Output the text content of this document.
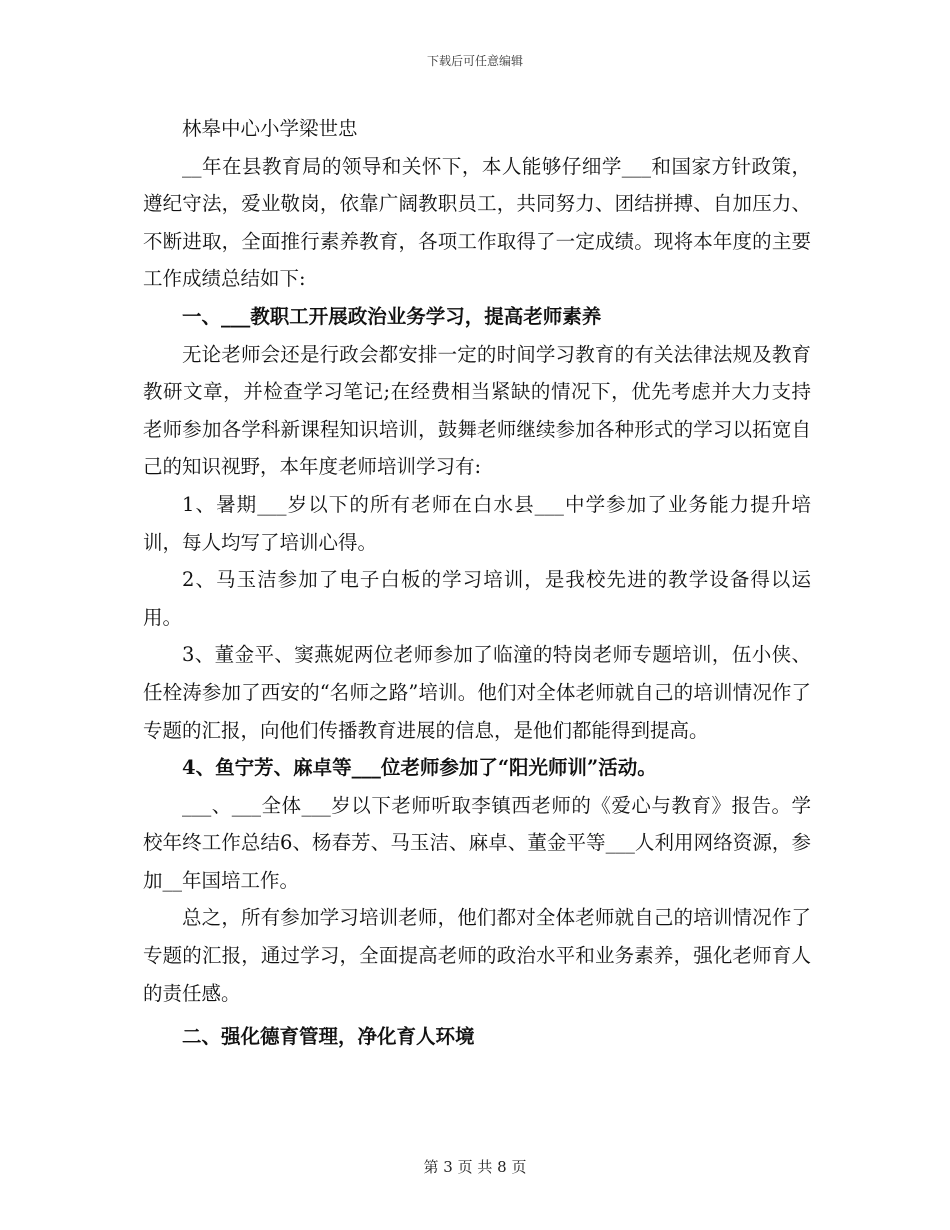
下载后可任意编辑

林皋中心小学梁世忠

__年在县教育局的领导和关怀下，本人能够仔细学___和国家方针政策，遵纪守法，爱业敬岗，依靠广阔教职员工，共同努力、团结拼搏、自加压力、不断进取，全面推行素养教育，各项工作取得了一定成绩。现将本年度的主要工作成绩总结如下:

一、___教职工开展政治业务学习，提高老师素养

无论老师会还是行政会都安排一定的时间学习教育的有关法律法规及教育教研文章，并检查学习笔记;在经费相当紧缺的情况下，优先考虑并大力支持老师参加各学科新课程知识培训，鼓舞老师继续参加各种形式的学习以拓宽自己的知识视野，本年度老师培训学习有:

1、暑期___岁以下的所有老师在白水县___中学参加了业务能力提升培训，每人均写了培训心得。

2、马玉洁参加了电子白板的学习培训，是我校先进的教学设备得以运用。

3、董金平、窦燕妮两位老师参加了临潼的特岗老师专题培训，伍小侠、任栓涛参加了西安的“名师之路”培训。他们对全体老师就自己的培训情况作了专题的汇报，向他们传播教育进展的信息，是他们都能得到提高。

4、鱼宁芳、麻卓等___位老师参加了“阳光师训”活动。

___、___全体___岁以下老师听取李镇西老师的《爱心与教育》报告。学校年终工作总结6、杨春芳、马玉洁、麻卓、董金平等___人利用网络资源，参加__年国培工作。

总之，所有参加学习培训老师，他们都对全体老师就自己的培训情况作了专题的汇报，通过学习，全面提高老师的政治水平和业务素养，强化老师育人的责任感。

二、强化德育管理，净化育人环境

第 3 页 共 8 页
